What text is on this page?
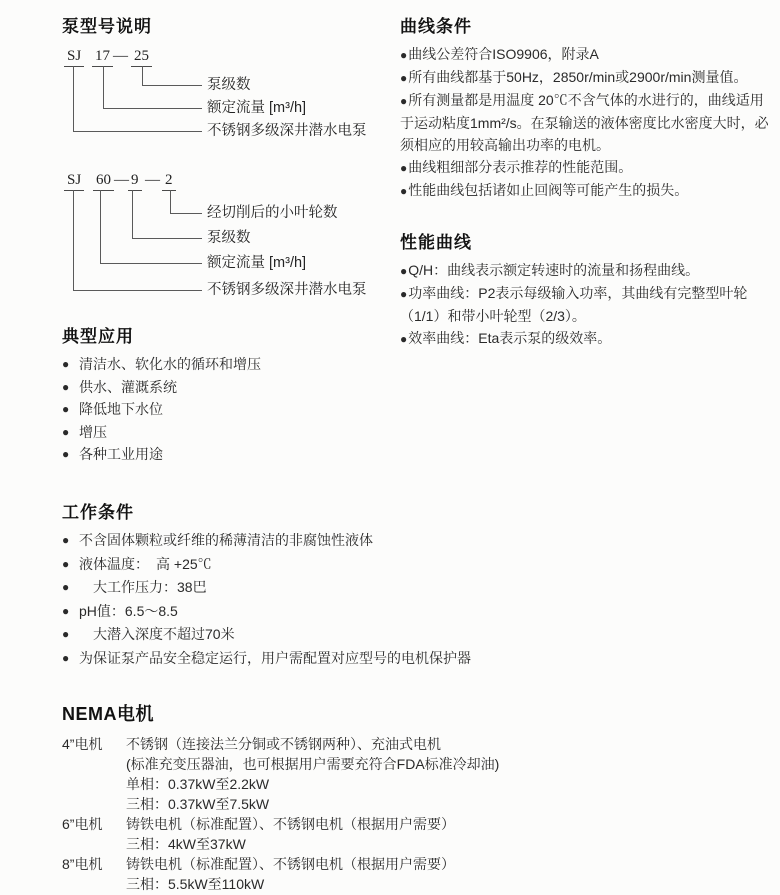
泵型号说明
SJ 17 — 25
泵级数
额定流量 [m³/h]
不锈钢多级深井潜水电泵
SJ 60 — 9 — 2
经切削后的小叶轮数
泵级数
额定流量 [m³/h]
不锈钢多级深井潜水电泵
曲线条件

●曲线公差符合ISO9906，附录A

●所有曲线都基于50Hz，2850r/min或2900r/min测量值。

●所有测量都是用温度 20℃不含气体的水进行的，曲线适用于运动粘度1mm²/s。在泵输送的液体密度比水密度大时，必须相应的用较高输出功率的电机。

●曲线粗细部分表示推荐的性能范围。

●性能曲线包括诸如止回阀等可能产生的损失。

性能曲线

●Q/H：曲线表示额定转速时的流量和扬程曲线。

●功率曲线：P2表示每级输入功率，其曲线有完整型叶轮（1/1）和带小叶轮型（2/3）。

●效率曲线：Eta表示泵的级效率。

典型应用

● 清洁水、软化水的循环和增压

● 供水、灌溉系统

● 降低地下水位

● 增压

● 各种工业用途

工作条件

● 不含固体颗粒或纤维的稀薄清洁的非腐蚀性液体

● 液体温度：　高 +25℃

● 　大工作压力：38巴

● pH值：6.5～8.5

● 　大潜入深度不超过70米

● 为保证泵产品安全稳定运行，用户需配置对应型号的电机保护器

NEMA电机
4”电机	不锈钢（连接法兰分铜或不锈钢两种）、充油式电机

(标准充变压器油，也可根据用户需要充符合FDA标准冷却油)

单相：0.37kW至2.2kW

三相：0.37kW至7.5kW

6”电机	铸铁电机（标准配置）、不锈钢电机（根据用户需要）

三相：4kW至37kW

8”电机	铸铁电机（标准配置）、不锈钢电机（根据用户需要）

三相：5.5kW至110kW
